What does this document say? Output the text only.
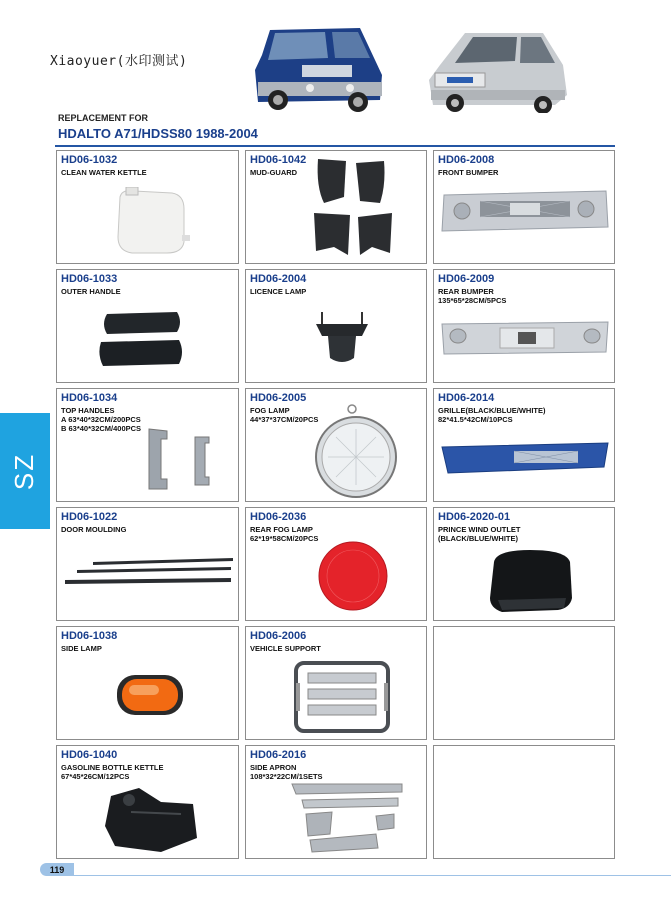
Xiaoyuer(水印测试)
REPLACEMENT FOR
HDALTO A71/HDSS80 1988-2004
SZ
HD06-1032
CLEAN WATER KETTLE
HD06-1042
MUD-GUARD
HD06-2008
FRONT BUMPER
HD06-1033
OUTER HANDLE
HD06-2004
LICENCE LAMP
HD06-2009
REAR BUMPER
135*65*28CM/5PCS
HD06-1034
TOP HANDLES
A 63*40*32CM/200PCS
B 63*40*32CM/400PCS
HD06-2005
FOG LAMP
44*37*37CM/20PCS
HD06-2014
GRILLE(BLACK/BLUE/WHITE)
82*41.5*42CM/10PCS
HD06-1022
DOOR MOULDING
HD06-2036
REAR FOG LAMP
62*19*58CM/20PCS
HD06-2020-01
PRINCE WIND OUTLET
(BLACK/BLUE/WHITE)
HD06-1038
SIDE LAMP
HD06-2006
VEHICLE SUPPORT
HD06-1040
GASOLINE BOTTLE KETTLE
67*45*26CM/12PCS
HD06-2016
SIDE APRON
108*32*22CM/1SETS
119
